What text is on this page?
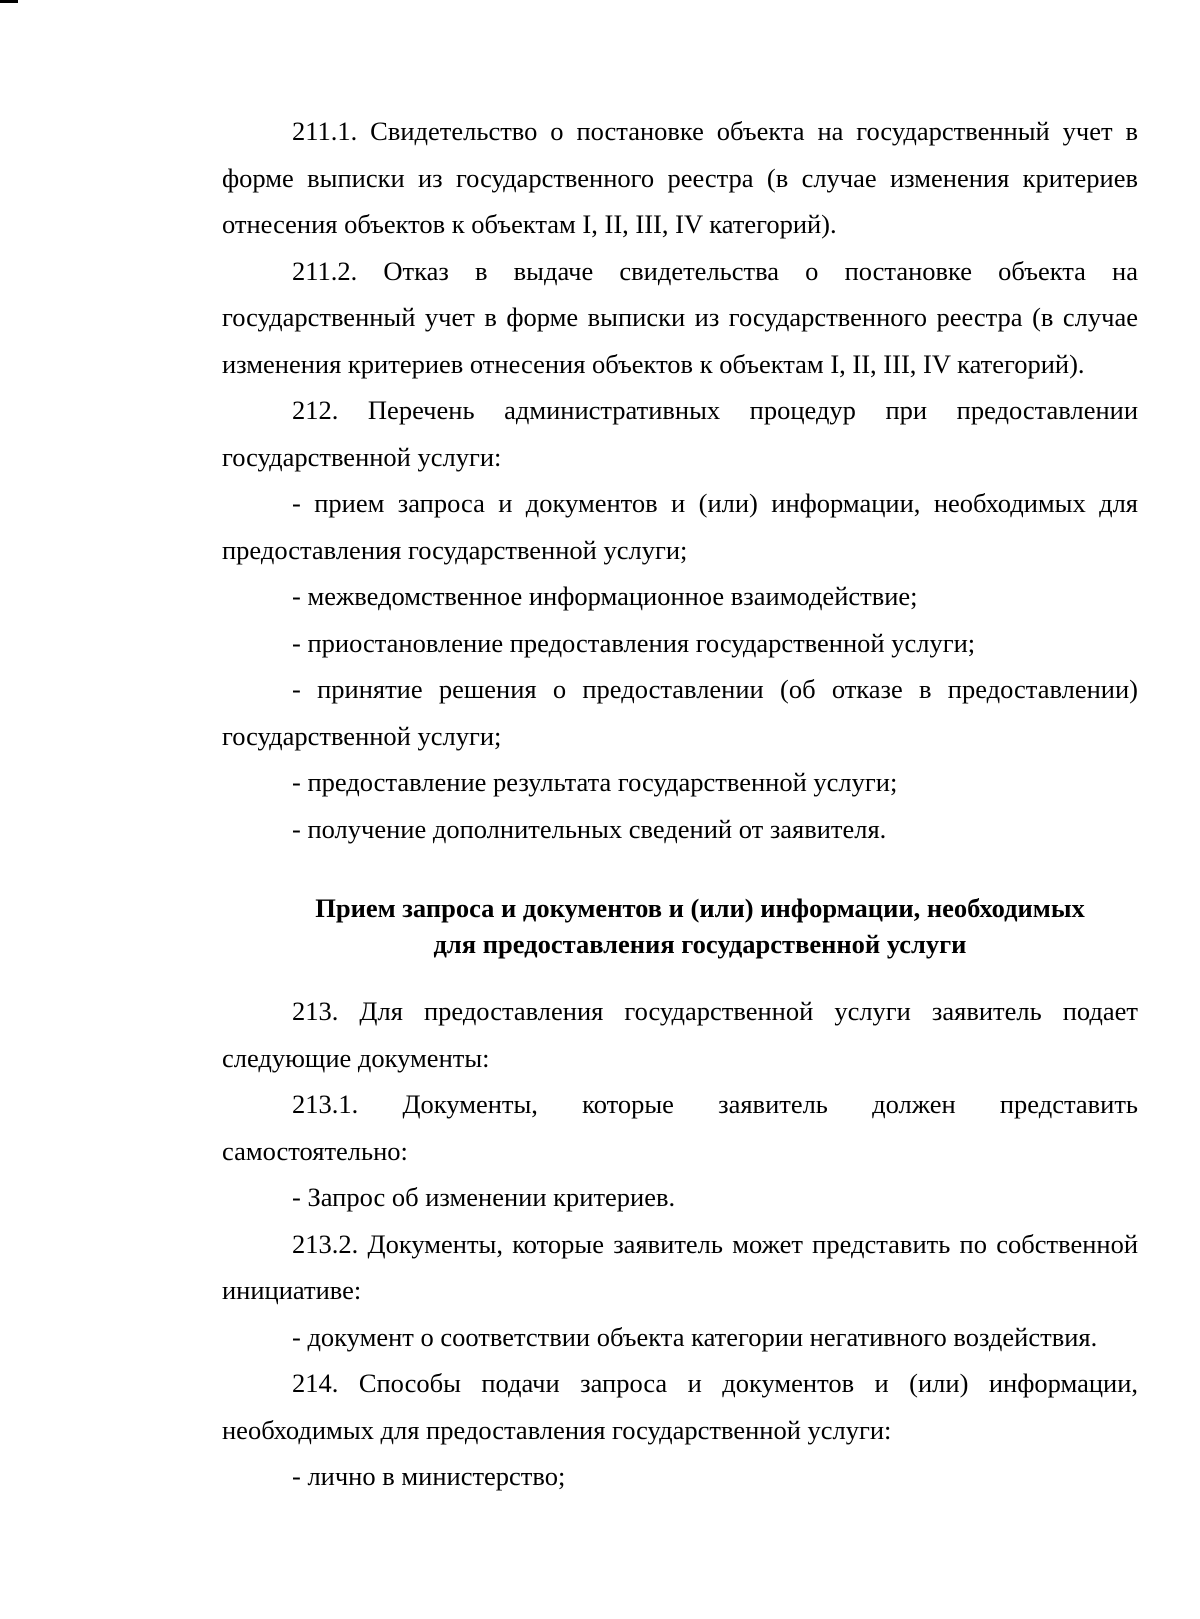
211.1. Свидетельство о постановке объекта на государственный учет в форме выписки из государственного реестра (в случае изменения критериев отнесения объектов к объектам I, II, III, IV категорий).

211.2. Отказ в выдаче свидетельства о постановке объекта на государственный учет в форме выписки из государственного реестра (в случае изменения критериев отнесения объектов к объектам I, II, III, IV категорий).

212. Перечень административных процедур при предоставлении государственной услуги:

- прием запроса и документов и (или) информации, необходимых для предоставления государственной услуги;

- межведомственное информационное взаимодействие;

- приостановление предоставления государственной услуги;

- принятие решения о предоставлении (об отказе в предоставлении) государственной услуги;

- предоставление результата государственной услуги;

- получение дополнительных сведений от заявителя.

Прием запроса и документов и (или) информации, необходимых

для предоставления государственной услуги

213. Для предоставления государственной услуги заявитель подает следующие документы:

213.1. Документы, которые заявитель должен представить самостоятельно:

- Запрос об изменении критериев.

213.2. Документы, которые заявитель может представить по собственной инициативе:

- документ о соответствии объекта категории негативного воздействия.

214. Способы подачи запроса и документов и (или) информации, необходимых для предоставления государственной услуги:

- лично в министерство;
